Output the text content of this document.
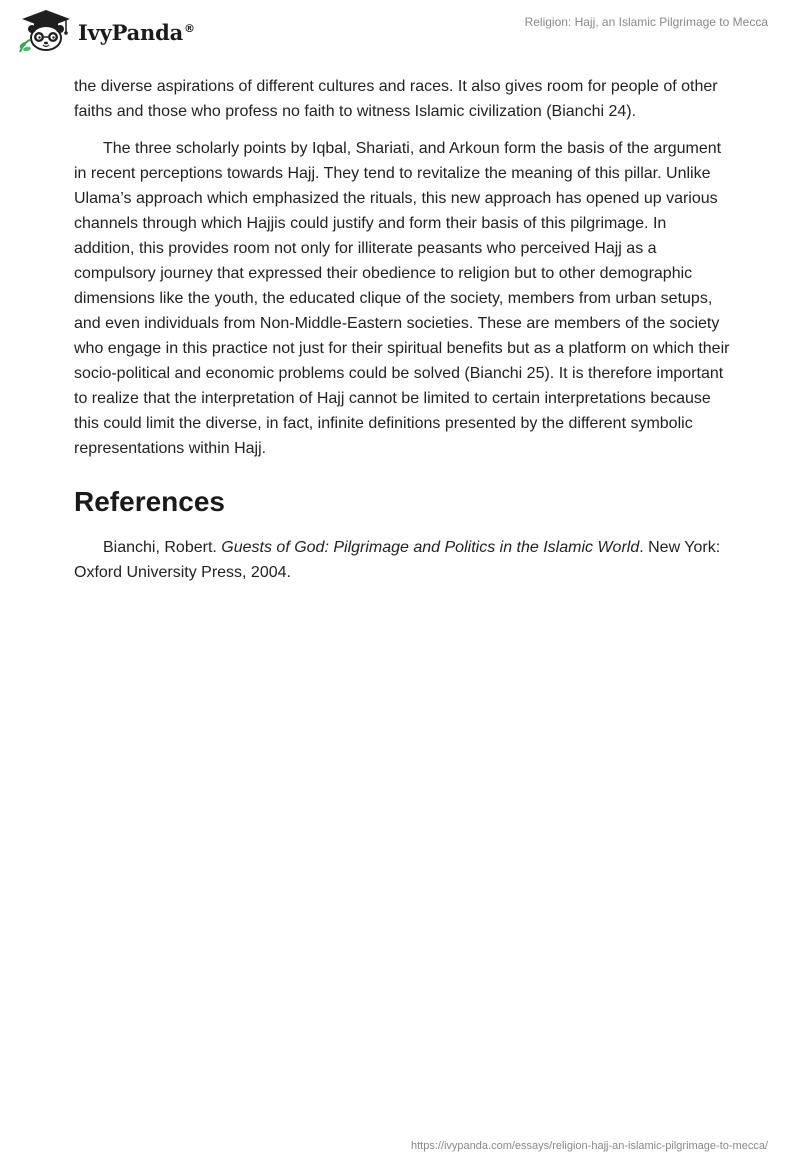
IvyPanda®	Religion: Hajj, an Islamic Pilgrimage to Mecca

the diverse aspirations of different cultures and races. It also gives room for people of other faiths and those who profess no faith to witness Islamic civilization (Bianchi 24).

The three scholarly points by Iqbal, Shariati, and Arkoun form the basis of the argument in recent perceptions towards Hajj. They tend to revitalize the meaning of this pillar. Unlike Ulama’s approach which emphasized the rituals, this new approach has opened up various channels through which Hajjis could justify and form their basis of this pilgrimage. In addition, this provides room not only for illiterate peasants who perceived Hajj as a compulsory journey that expressed their obedience to religion but to other demographic dimensions like the youth, the educated clique of the society, members from urban setups, and even individuals from Non-Middle-Eastern societies. These are members of the society who engage in this practice not just for their spiritual benefits but as a platform on which their socio-political and economic problems could be solved (Bianchi 25). It is therefore important to realize that the interpretation of Hajj cannot be limited to certain interpretations because this could limit the diverse, in fact, infinite definitions presented by the different symbolic representations within Hajj.

References

Bianchi, Robert. Guests of God: Pilgrimage and Politics in the Islamic World. New York: Oxford University Press, 2004.

https://ivypanda.com/essays/religion-hajj-an-islamic-pilgrimage-to-mecca/
